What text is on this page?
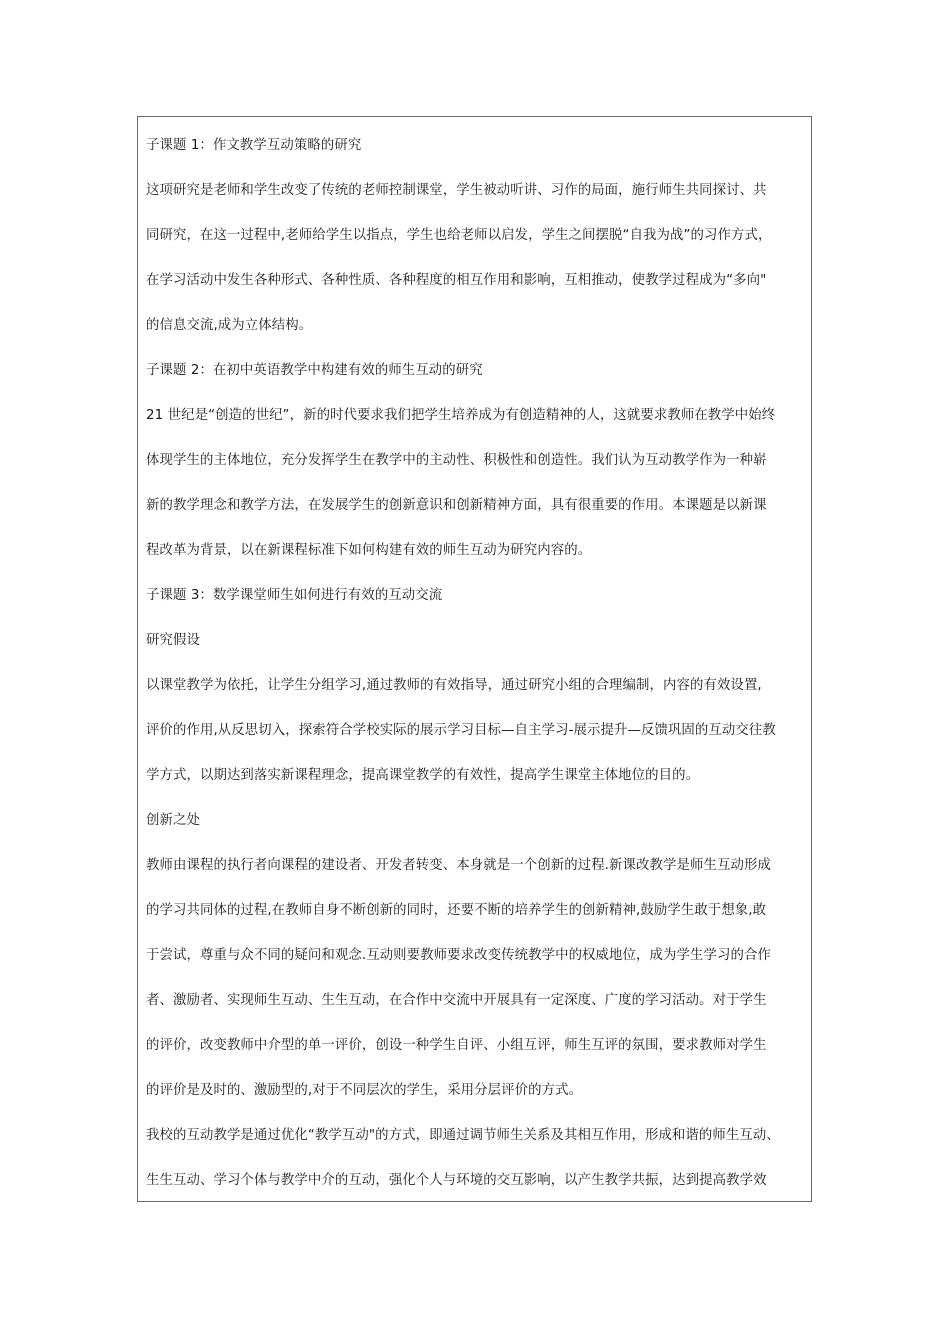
子课题 1：作文教学互动策略的研究
这项研究是老师和学生改变了传统的老师控制课堂，学生被动听讲、习作的局面，施行师生共同探讨、共
同研究，在这一过程中,老师给学生以指点，学生也给老师以启发，学生之间摆脱“自我为战”的习作方式，
在学习活动中发生各种形式、各种性质、各种程度的相互作用和影响，互相推动，使教学过程成为“多向"
的信息交流,成为立体结构。
子课题 2：在初中英语教学中构建有效的师生互动的研究
21 世纪是“创造的世纪”，新的时代要求我们把学生培养成为有创造精神的人，这就要求教师在教学中始终
体现学生的主体地位，充分发挥学生在教学中的主动性、积极性和创造性。我们认为互动教学作为一种崭
新的教学理念和教学方法，在发展学生的创新意识和创新精神方面，具有很重要的作用。本课题是以新课
程改革为背景，以在新课程标准下如何构建有效的师生互动为研究内容的。
子课题 3：数学课堂师生如何进行有效的互动交流
研究假设
以课堂教学为依托，让学生分组学习,通过教师的有效指导，通过研究小组的合理编制，内容的有效设置,
评价的作用,从反思切入，探索符合学校实际的展示学习目标—自主学习-展示提升—反馈巩固的互动交往教
学方式，以期达到落实新课程理念，提高课堂教学的有效性，提高学生课堂主体地位的目的。
创新之处
教师由课程的执行者向课程的建设者、开发者转变、本身就是一个创新的过程.新课改教学是师生互动形成
的学习共同体的过程,在教师自身不断创新的同时，还要不断的培养学生的创新精神,鼓励学生敢于想象,敢
于尝试，尊重与众不同的疑问和观念.互动则要教师要求改变传统教学中的权威地位，成为学生学习的合作
者、激励者、实现师生互动、生生互动，在合作中交流中开展具有一定深度、广度的学习活动。对于学生
的评价，改变教师中介型的单一评价，创设一种学生自评、小组互评，师生互评的氛围，要求教师对学生
的评价是及时的、激励型的,对于不同层次的学生，采用分层评价的方式。
我校的互动教学是通过优化“教学互动"的方式，即通过调节师生关系及其相互作用，形成和谐的师生互动、
生生互动、学习个体与教学中介的互动，强化个人与环境的交互影响，以产生教学共振，达到提高教学效
